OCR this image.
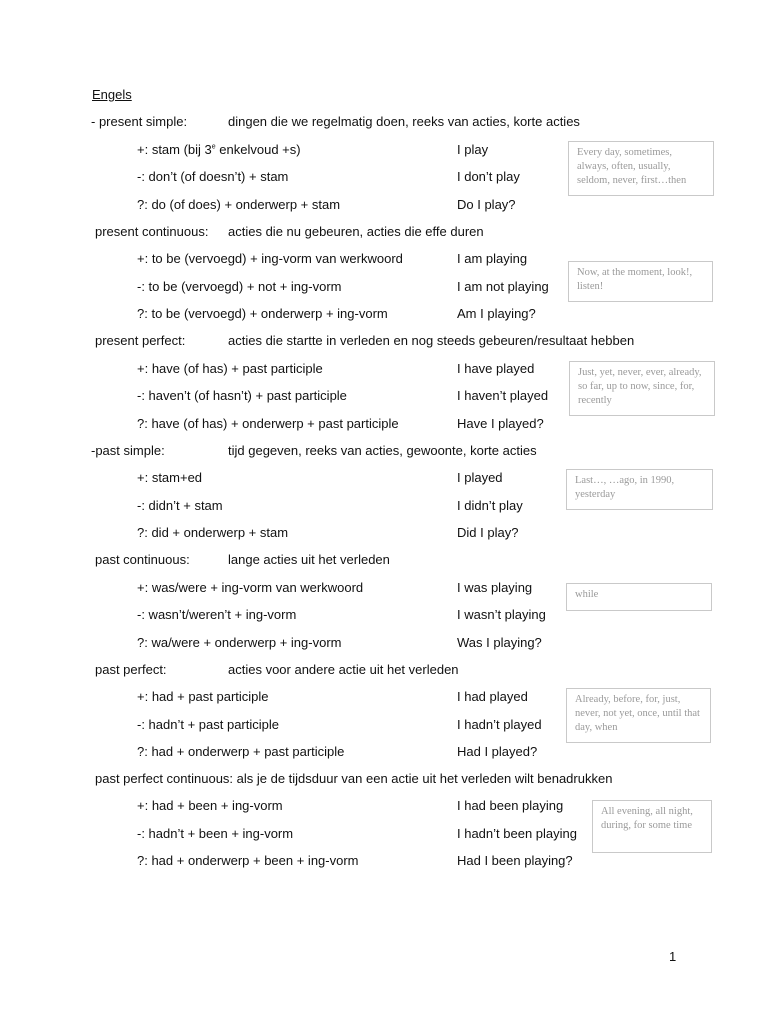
Engels
- present simple:	dingen die we regelmatig doen, reeks van acties, korte acties
+: stam (bij 3e enkelvoud +s)	I play
-: don’t (of doesn’t) + stam	I don’t play
?: do (of does) + onderwerp + stam	Do I play?
Every day, sometimes, always, often, usually, seldom, never, first…then
present continuous: acties die nu gebeuren, acties die effe duren
+: to be (vervoegd) + ing-vorm van werkwoord	I am playing
-: to be (vervoegd) + not + ing-vorm	I am not playing
?: to be (vervoegd) + onderwerp + ing-vorm	Am I playing?
Now, at the moment, look!, listen!
present perfect:	acties die startte in verleden en nog steeds gebeuren/resultaat hebben
+: have (of has) + past participle	I have played
-: haven’t (of hasn’t) + past participle	I haven’t played
?: have (of has) + onderwerp + past participle	Have I played?
Just, yet, never, ever, already, so far, up to now, since, for, recently
-past simple:	tijd gegeven, reeks van acties, gewoonte, korte acties
+: stam+ed	I played
-: didn’t + stam	I didn’t play
?: did + onderwerp + stam	Did I play?
Last…, …ago, in 1990, yesterday
past continuous:	lange acties uit het verleden
+: was/were + ing-vorm van werkwoord	I was playing
-: wasn’t/weren’t + ing-vorm	I wasn’t playing
?: wa/were + onderwerp + ing-vorm	Was I playing?
while
past perfect:	acties voor andere actie uit het verleden
+: had + past participle	I had played
-: hadn’t + past participle	I hadn’t played
?: had + onderwerp + past participle	Had I played?
Already, before, for, just, never, not yet, once, until that day, when
past perfect continuous: als je de tijdsduur van een actie uit het verleden wilt benadrukken
+: had + been + ing-vorm	I had been playing
-: hadn’t + been + ing-vorm	I hadn’t been playing
?: had + onderwerp + been + ing-vorm	Had I been playing?
All evening, all night, during, for some time
1
